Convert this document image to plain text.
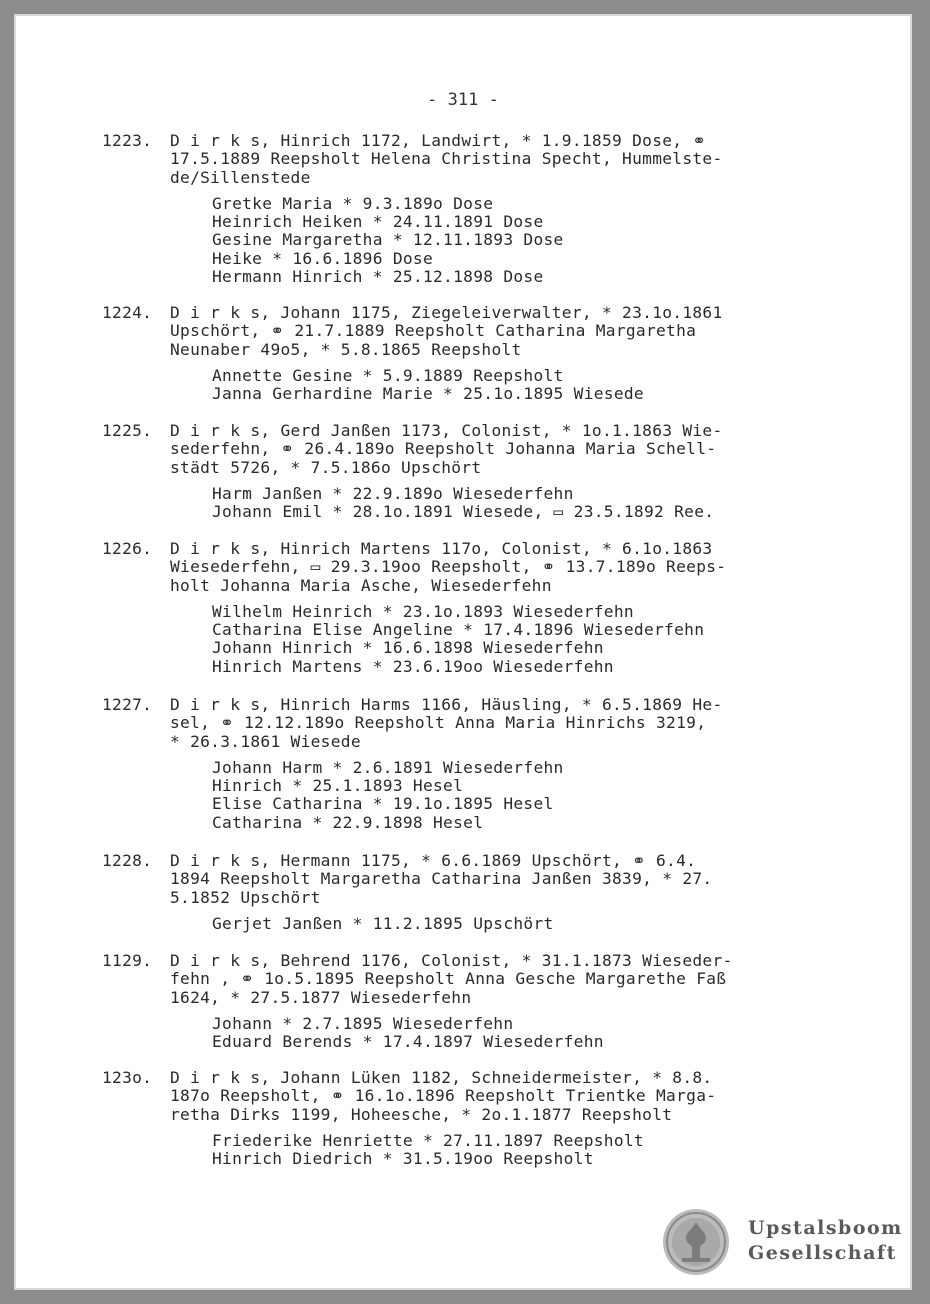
- 311 -
1223.	D i r k s, Hinrich 1172, Landwirt, * 1.9.1859 Dose, ⚭
17.5.1889 Reepsholt Helena Christina Specht, Hummelste-
de/Sillenstede
Gretke Maria * 9.3.189o Dose
Heinrich Heiken * 24.11.1891 Dose
Gesine Margaretha * 12.11.1893 Dose
Heike * 16.6.1896 Dose
Hermann Hinrich * 25.12.1898 Dose
1224.	D i r k s, Johann 1175, Ziegeleiverwalter, * 23.1o.1861
Upschört, ⚭ 21.7.1889 Reepsholt Catharina Margaretha
Neunaber 49o5, * 5.8.1865 Reepsholt
Annette Gesine * 5.9.1889 Reepsholt
Janna Gerhardine Marie * 25.1o.1895 Wiesede
1225.	D i r k s, Gerd Janßen 1173, Colonist, * 1o.1.1863 Wie-
sederfehn, ⚭ 26.4.189o Reepsholt Johanna Maria Schell-
städt 5726, * 7.5.186o Upschört
Harm Janßen * 22.9.189o Wiesederfehn
Johann Emil * 28.1o.1891 Wiesede, ▭ 23.5.1892 Ree.
1226.	D i r k s, Hinrich Martens 117o, Colonist, * 6.1o.1863
Wiesederfehn, ▭ 29.3.19oo Reepsholt, ⚭ 13.7.189o Reeps-
holt Johanna Maria Asche, Wiesederfehn
Wilhelm Heinrich * 23.1o.1893 Wiesederfehn
Catharina Elise Angeline * 17.4.1896 Wiesederfehn
Johann Hinrich * 16.6.1898 Wiesederfehn
Hinrich Martens * 23.6.19oo Wiesederfehn
1227.	D i r k s, Hinrich Harms 1166, Häusling, * 6.5.1869 He-
sel, ⚭ 12.12.189o Reepsholt Anna Maria Hinrichs 3219,
* 26.3.1861 Wiesede
Johann Harm * 2.6.1891 Wiesederfehn
Hinrich * 25.1.1893 Hesel
Elise Catharina * 19.1o.1895 Hesel
Catharina * 22.9.1898 Hesel
1228.	D i r k s, Hermann 1175, * 6.6.1869 Upschört, ⚭ 6.4.
1894 Reepsholt Margaretha Catharina Janßen 3839, * 27.
5.1852 Upschört
Gerjet Janßen * 11.2.1895 Upschört
1129.	D i r k s, Behrend 1176, Colonist, * 31.1.1873 Wieseder-
fehn , ⚭ 1o.5.1895 Reepsholt Anna Gesche Margarethe Faß
1624, * 27.5.1877 Wiesederfehn
Johann * 2.7.1895 Wiesederfehn
Eduard Berends * 17.4.1897 Wiesederfehn
123o.	D i r k s, Johann Lüken 1182, Schneidermeister, * 8.8.
187o Reepsholt, ⚭ 16.1o.1896 Reepsholt Trientke Marga-
retha Dirks 1199, Hoheesche, * 2o.1.1877 Reepsholt
Friederike Henriette * 27.11.1897 Reepsholt
Hinrich Diedrich * 31.5.19oo Reepsholt
Upstalsboom
Gesellschaft
